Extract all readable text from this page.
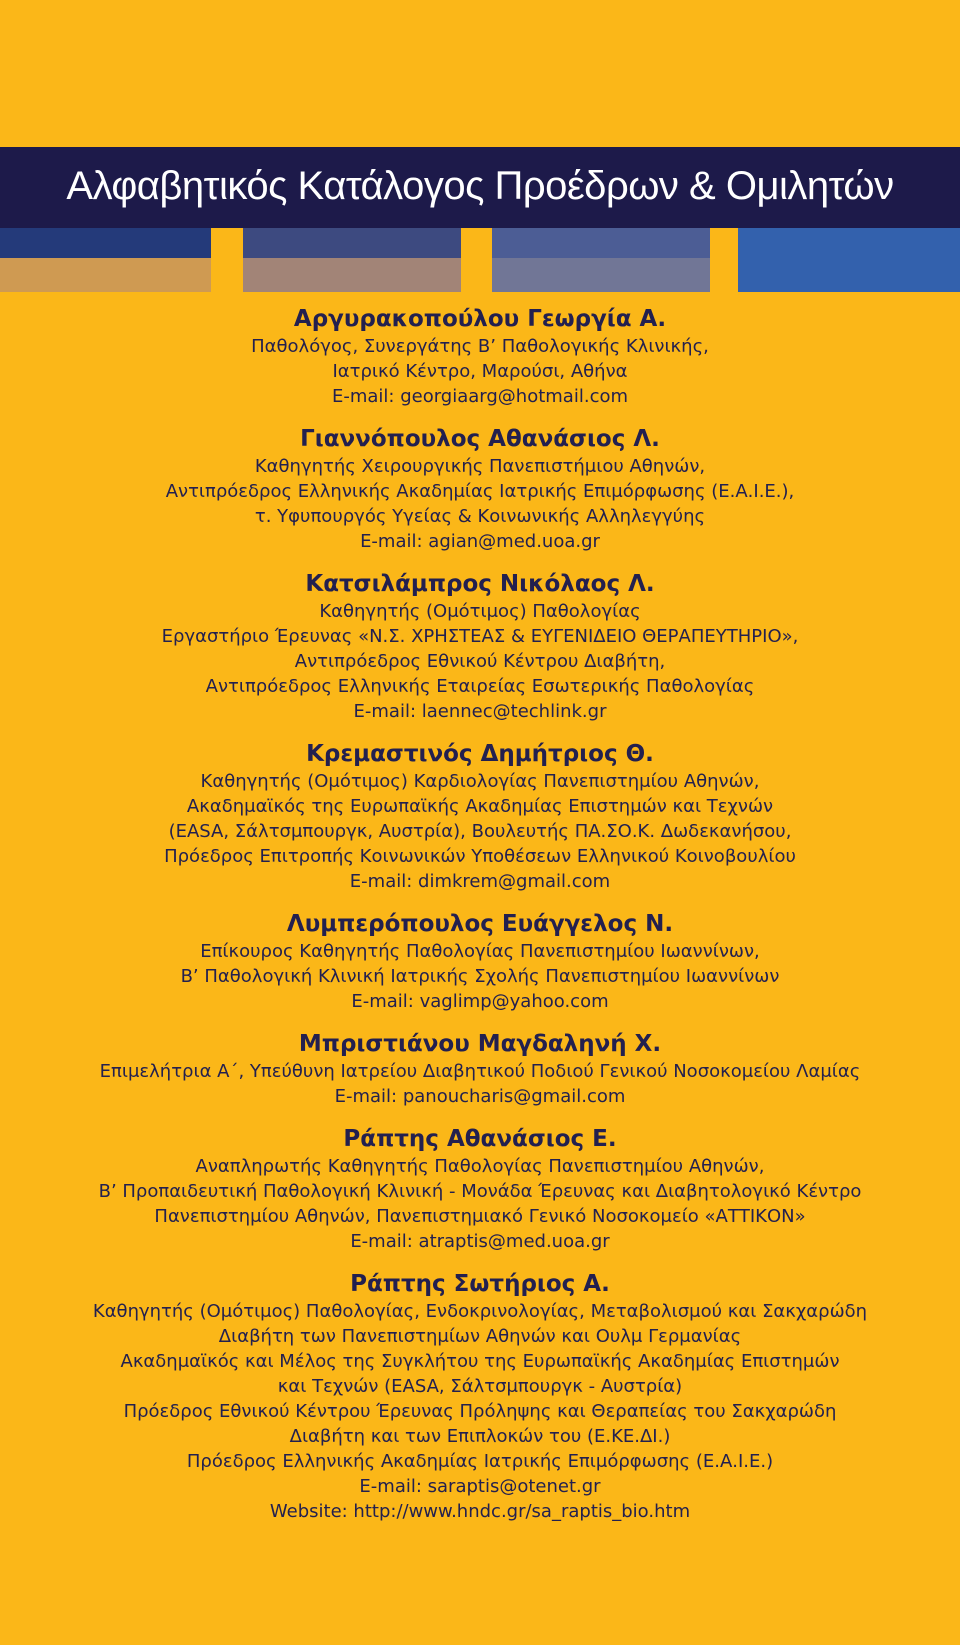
Αλφαβητικός Κατάλογος Προέδρων & Ομιλητών
Αργυρακοπούλου Γεωργία Α.
Παθολόγος, Συνεργάτης Β’ Παθολογικής Κλινικής,
Ιατρικό Κέντρο, Μαρούσι, Αθήνα
E-mail: georgiaarg@hotmail.com
Γιαννόπουλος Αθανάσιος Λ.
Καθηγητής Χειρουργικής Πανεπιστήμιου Αθηνών,
Αντιπρόεδρος Ελληνικής Ακαδημίας Ιατρικής Επιμόρφωσης (Ε.Α.Ι.Ε.),
τ. Υφυπουργός Υγείας & Κοινωνικής Αλληλεγγύης
E-mail: agian@med.uoa.gr
Κατσιλάμπρος Νικόλαος Λ.
Καθηγητής (Ομότιμος) Παθολογίας
Εργαστήριο Έρευνας «Ν.Σ. ΧΡΗΣΤΕΑΣ & ΕΥΓΕΝΙΔΕΙΟ ΘΕΡΑΠΕΥΤΗΡΙΟ»,
Αντιπρόεδρος Εθνικού Κέντρου Διαβήτη,
Αντιπρόεδρος Ελληνικής Εταιρείας Εσωτερικής Παθολογίας
E-mail: laennec@techlink.gr
Κρεμαστινός Δημήτριος Θ.
Καθηγητής (Ομότιμος) Καρδιολογίας Πανεπιστημίου Αθηνών,
Ακαδημαϊκός της Ευρωπαϊκής Ακαδημίας Επιστημών και Τεχνών
(EASA, Σάλτσμπουργκ, Αυστρία), Βουλευτής ΠΑ.ΣΟ.Κ. Δωδεκανήσου,
Πρόεδρος Επιτροπής Κοινωνικών Υποθέσεων Ελληνικού Κοινοβουλίου
E-mail: dimkrem@gmail.com
Λυμπερόπουλος Ευάγγελος Ν.
Επίκουρος Καθηγητής Παθολογίας Πανεπιστημίου Ιωαννίνων,
Β’ Παθολογική Κλινική Ιατρικής Σχολής Πανεπιστημίου Ιωαννίνων
E-mail: vaglimp@yahoo.com
Μπριστιάνου Μαγδαληνή Χ.
Επιμελήτρια Α΄, Υπεύθυνη Ιατρείου Διαβητικού Ποδιού Γενικού Νοσοκομείου Λαμίας
E-mail: panoucharis@gmail.com
Ράπτης Αθανάσιος Ε.
Αναπληρωτής Καθηγητής Παθολογίας Πανεπιστημίου Αθηνών,
Β’ Προπαιδευτική Παθολογική Κλινική - Μονάδα Έρευνας και Διαβητολογικό Κέντρο
Πανεπιστημίου Αθηνών, Πανεπιστημιακό Γενικό Νοσοκομείο «ΑΤΤΙΚΟΝ»
E-mail: atraptis@med.uoa.gr
Ράπτης Σωτήριος Α.
Καθηγητής (Ομότιμος) Παθολογίας, Ενδοκρινολογίας, Μεταβολισμού και Σακχαρώδη
Διαβήτη των Πανεπιστημίων Αθηνών και Ουλμ Γερμανίας
Ακαδημαϊκός και Μέλος της Συγκλήτου της Ευρωπαϊκής Ακαδημίας Επιστημών
και Τεχνών (EASA, Σάλτσμπουργκ - Αυστρία)
Πρόεδρος Εθνικού Κέντρου Έρευνας Πρόληψης και Θεραπείας του Σακχαρώδη
Διαβήτη και των Επιπλοκών του (Ε.ΚΕ.ΔΙ.)
Πρόεδρος Ελληνικής Ακαδημίας Ιατρικής Επιμόρφωσης (Ε.Α.Ι.Ε.)
E-mail: saraptis@otenet.gr
Website: http://www.hndc.gr/sa_raptis_bio.htm
